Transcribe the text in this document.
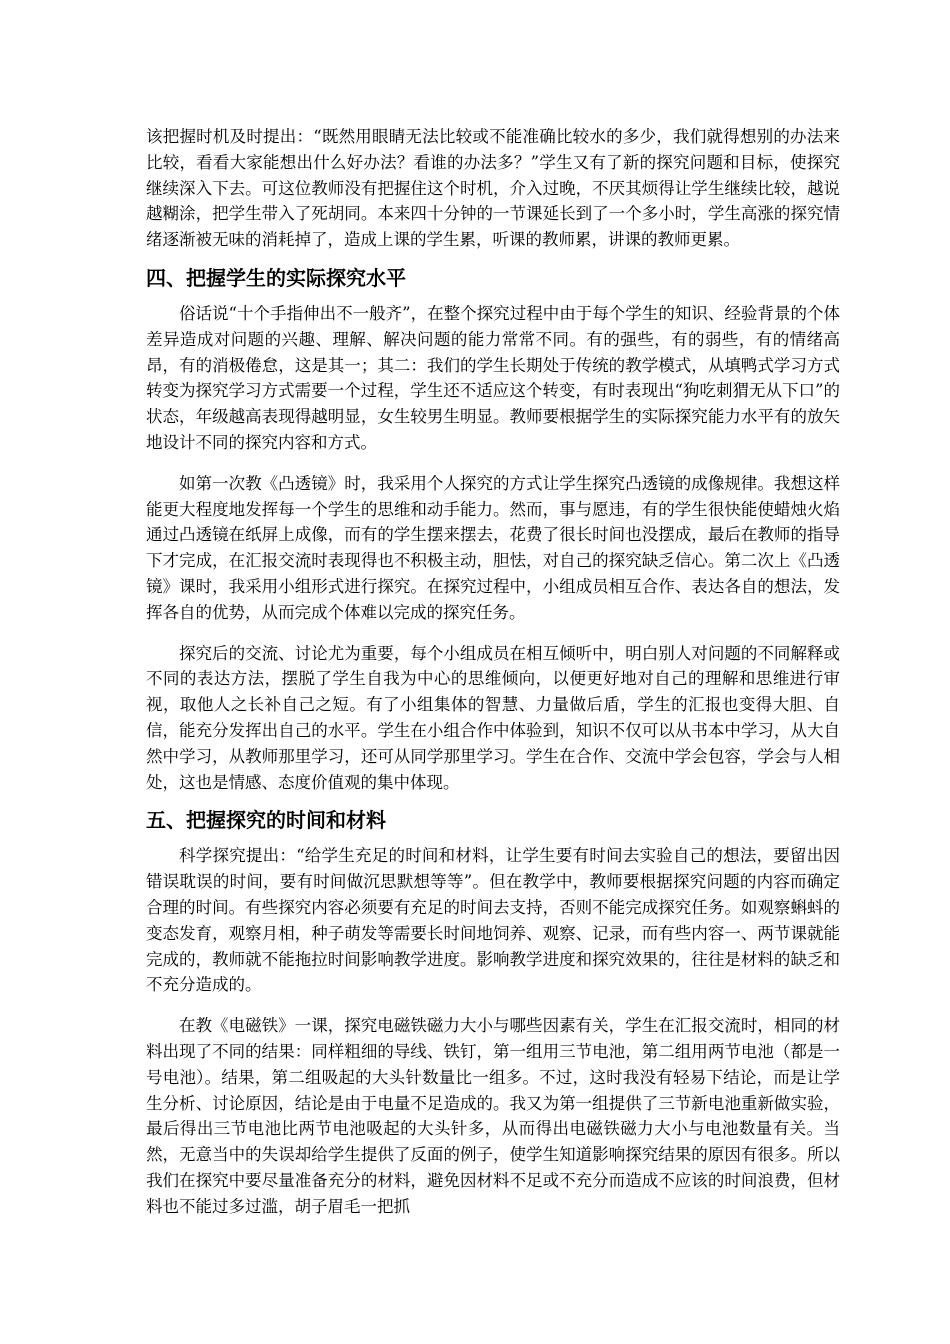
该把握时机及时提出：“既然用眼睛无法比较或不能准确比较水的多少，我们就得想别的办法来比较，看看大家能想出什么好办法？看谁的办法多？”学生又有了新的探究问题和目标，使探究继续深入下去。可这位教师没有把握住这个时机，介入过晚，不厌其烦得让学生继续比较，越说越糊涂，把学生带入了死胡同。本来四十分钟的一节课延长到了一个多小时，学生高涨的探究情绪逐渐被无味的消耗掉了，造成上课的学生累，听课的教师累，讲课的教师更累。

四、把握学生的实际探究水平

俗话说“十个手指伸出不一般齐”，在整个探究过程中由于每个学生的知识、经验背景的个体差异造成对问题的兴趣、理解、解决问题的能力常常不同。有的强些，有的弱些，有的情绪高昂，有的消极倦怠，这是其一；其二：我们的学生长期处于传统的教学模式，从填鸭式学习方式转变为探究学习方式需要一个过程，学生还不适应这个转变，有时表现出“狗吃刺猬无从下口”的状态，年级越高表现得越明显，女生较男生明显。教师要根据学生的实际探究能力水平有的放矢地设计不同的探究内容和方式。

如第一次教《凸透镜》时，我采用个人探究的方式让学生探究凸透镜的成像规律。我想这样能更大程度地发挥每一个学生的思维和动手能力。然而，事与愿违，有的学生很快能使蜡烛火焰通过凸透镜在纸屏上成像，而有的学生摆来摆去，花费了很长时间也没摆成，最后在教师的指导下才完成，在汇报交流时表现得也不积极主动，胆怯，对自己的探究缺乏信心。第二次上《凸透镜》课时，我采用小组形式进行探究。在探究过程中，小组成员相互合作、表达各自的想法，发挥各自的优势，从而完成个体难以完成的探究任务。

探究后的交流、讨论尤为重要，每个小组成员在相互倾听中，明白别人对问题的不同解释或不同的表达方法，摆脱了学生自我为中心的思维倾向，以便更好地对自己的理解和思维进行审视，取他人之长补自己之短。有了小组集体的智慧、力量做后盾，学生的汇报也变得大胆、自信，能充分发挥出自己的水平。学生在小组合作中体验到，知识不仅可以从书本中学习，从大自然中学习，从教师那里学习，还可从同学那里学习。学生在合作、交流中学会包容，学会与人相处，这也是情感、态度价值观的集中体现。

五、把握探究的时间和材料

科学探究提出：“给学生充足的时间和材料，让学生要有时间去实验自己的想法，要留出因错误耽误的时间，要有时间做沉思默想等等”。但在教学中，教师要根据探究问题的内容而确定合理的时间。有些探究内容必须要有充足的时间去支持，否则不能完成探究任务。如观察蝌蚪的变态发育，观察月相，种子萌发等需要长时间地饲养、观察、记录，而有些内容一、两节课就能完成的，教师就不能拖拉时间影响教学进度。影响教学进度和探究效果的，往往是材料的缺乏和不充分造成的。

在教《电磁铁》一课，探究电磁铁磁力大小与哪些因素有关，学生在汇报交流时，相同的材料出现了不同的结果：同样粗细的导线、铁钉，第一组用三节电池，第二组用两节电池（都是一号电池）。结果，第二组吸起的大头针数量比一组多。不过，这时我没有轻易下结论，而是让学生分析、讨论原因，结论是由于电量不足造成的。我又为第一组提供了三节新电池重新做实验，最后得出三节电池比两节电池吸起的大头针多，从而得出电磁铁磁力大小与电池数量有关。当然，无意当中的失误却给学生提供了反面的例子，使学生知道影响探究结果的原因有很多。所以我们在探究中要尽量准备充分的材料，避免因材料不足或不充分而造成不应该的时间浪费，但材料也不能过多过滥，胡子眉毛一把抓
